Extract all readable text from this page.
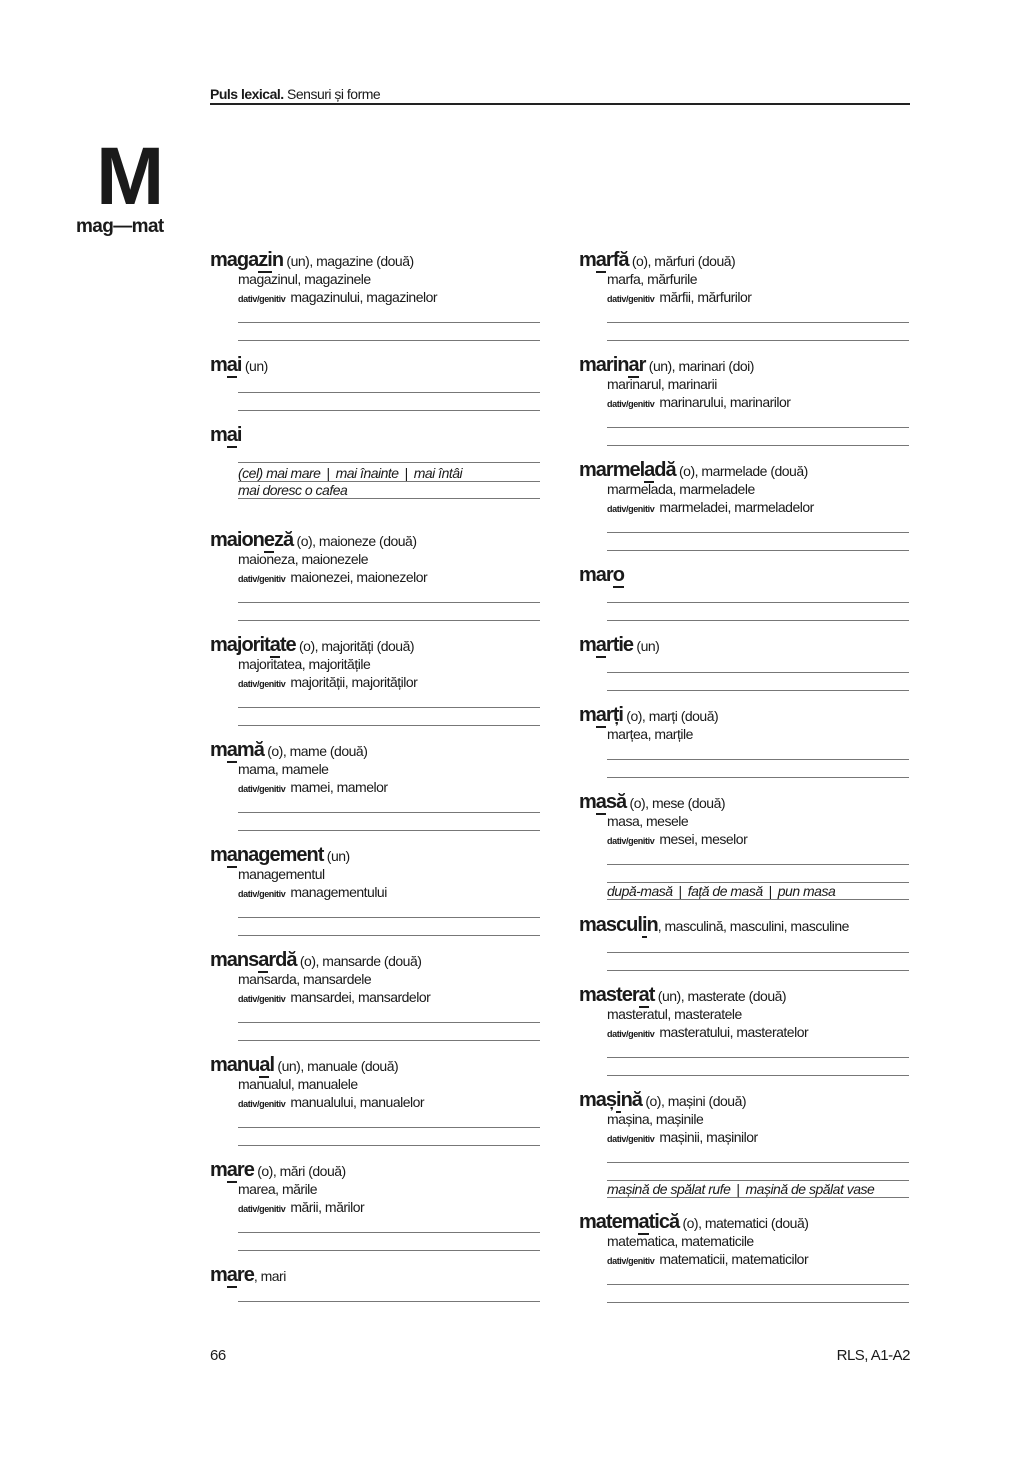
Puls lexical. Sensuri și forme
M
mag—mat
magazin (un), magazine (două)
magazinul, magazinele
dativ/genitiv magazinului, magazinelor
mai (un)
mai
(cel) mai mare | mai înainte | mai întâi
mai doresc o cafea
maioneză (o), maioneze (două)
maioneza, maionezele
dativ/genitiv maionezei, maionezelor
majoritate (o), majorități (două)
majoritatea, majoritățile
dativ/genitiv majorității, majorităților
mamă (o), mame (două)
mama, mamele
dativ/genitiv mamei, mamelor
management (un)
managementul
dativ/genitiv managementului
mansardă (o), mansarde (două)
mansarda, mansardele
dativ/genitiv mansardei, mansardelor
manual (un), manuale (două)
manualul, manualele
dativ/genitiv manualului, manualelor
mare (o), mări (două)
marea, mările
dativ/genitiv mării, mărilor
mare, mari
marfă (o), mărfuri (două)
marfa, mărfurile
dativ/genitiv mărfii, mărfurilor
marinar (un), marinari (doi)
marinarul, marinarii
dativ/genitiv marinarului, marinarilor
marmeladă (o), marmelade (două)
marmelada, marmeladele
dativ/genitiv marmeladei, marmeladelor
maro
martie (un)
marți (o), marți (două)
marțea, marțile
masă (o), mese (două)
masa, mesele
dativ/genitiv mesei, meselor
după-masă | față de masă | pun masa
masculin, masculină, masculini, masculine
masterat (un), masterate (două)
masteratul, masteratele
dativ/genitiv masteratului, masteratelor
mașină (o), mașini (două)
mașina, mașinile
dativ/genitiv mașinii, mașinilor
mașină de spălat rufe | mașină de spălat vase
matematică (o), matematici (două)
matematica, matematicile
dativ/genitiv matematicii, matematicilor
66	RLS, A1-A2
